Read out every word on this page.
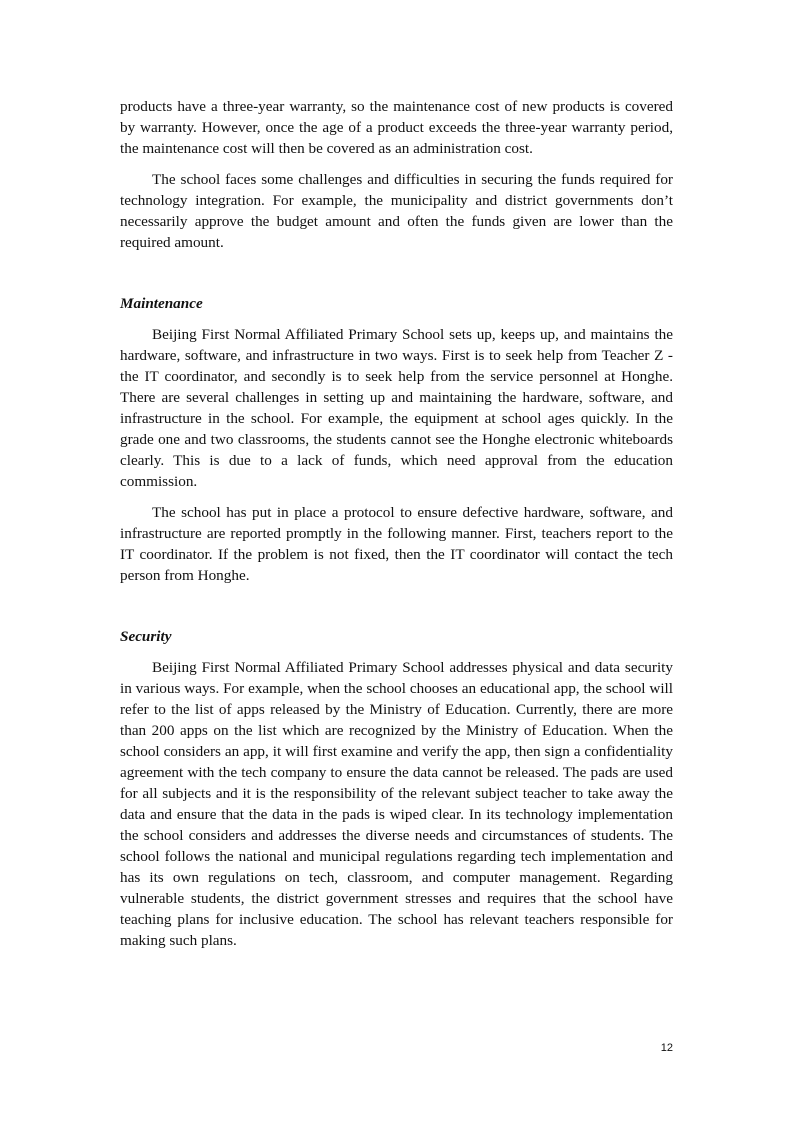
products have a three-year warranty, so the maintenance cost of new products is covered by warranty. However, once the age of a product exceeds the three-year warranty period, the maintenance cost will then be covered as an administration cost.

The school faces some challenges and difficulties in securing the funds required for technology integration. For example, the municipality and district governments don’t necessarily approve the budget amount and often the funds given are lower than the required amount.

Maintenance

Beijing First Normal Affiliated Primary School sets up, keeps up, and maintains the hardware, software, and infrastructure in two ways. First is to seek help from Teacher Z - the IT coordinator, and secondly is to seek help from the service personnel at Honghe. There are several challenges in setting up and maintaining the hardware, software, and infrastructure in the school. For example, the equipment at school ages quickly. In the grade one and two classrooms, the students cannot see the Honghe electronic whiteboards clearly. This is due to a lack of funds, which need approval from the education commission.

The school has put in place a protocol to ensure defective hardware, software, and infrastructure are reported promptly in the following manner. First, teachers report to the IT coordinator. If the problem is not fixed, then the IT coordinator will contact the tech person from Honghe.

Security

Beijing First Normal Affiliated Primary School addresses physical and data security in various ways. For example, when the school chooses an educational app, the school will refer to the list of apps released by the Ministry of Education. Currently, there are more than 200 apps on the list which are recognized by the Ministry of Education. When the school considers an app, it will first examine and verify the app, then sign a confidentiality agreement with the tech company to ensure the data cannot be released. The pads are used for all subjects and it is the responsibility of the relevant subject teacher to take away the data and ensure that the data in the pads is wiped clear. In its technology implementation the school considers and addresses the diverse needs and circumstances of students. The school follows the national and municipal regulations regarding tech implementation and has its own regulations on tech, classroom, and computer management. Regarding vulnerable students, the district government stresses and requires that the school have teaching plans for inclusive education. The school has relevant teachers responsible for making such plans.

12
